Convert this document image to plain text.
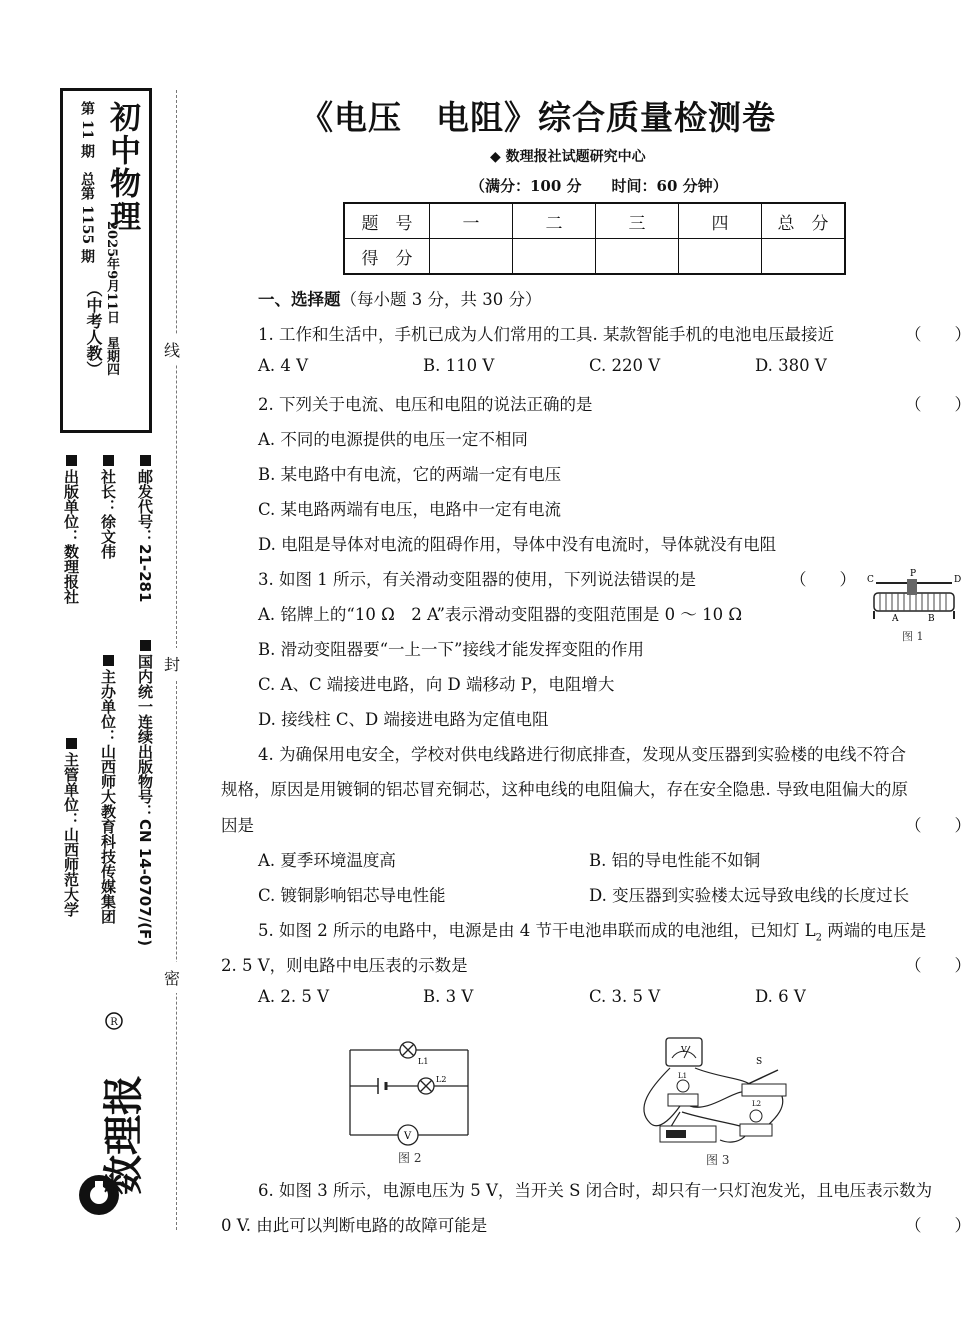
初中物理
（中考人教）
第 11 期　总第 1155 期
2025年9月11日　星期四
出版单位：数理报社 社长：徐文伟 邮发代号：21-281
主管单位：山西师范大学 主办单位：山西师大教育科技传媒集团 国内统一连续出版物号：CN 14-0707/(F)
数理报
R
线
封
密
《电压　电阻》综合质量检测卷
◆ 数理报社试题研究中心
（满分：100 分　　时间：60 分钟）
题　号	一	二	三	四	总　分
得　分					
一、选择题（每小题 3 分，共 30 分）
1. 工作和生活中，手机已成为人们常用的工具. 某款智能手机的电池电压最接近	（　　）
A. 4 V	B. 110 V	C. 220 V	D. 380 V
2. 下列关于电流、电压和电阻的说法正确的是	（　　）
A. 不同的电源提供的电压一定不相同
B. 某电路中有电流，它的两端一定有电压
C. 某电路两端有电压，电路中一定有电流
D. 电阻是导体对电流的阻碍作用，导体中没有电流时，导体就没有电阻
3. 如图 1 所示，有关滑动变阻器的使用，下列说法错误的是	（　　）
A. 铭牌上的“10 Ω　2 A”表示滑动变阻器的变阻范围是 0 ～ 10 Ω
B. 滑动变阻器要“一上一下”接线才能发挥变阻的作用
C. A、C 端接进电路，向 D 端移动 P，电阻增大
D. 接线柱 C、D 端接进电路为定值电阻
C
P
D
A	B
图 1
4. 为确保用电安全，学校对供电线路进行彻底排查，发现从变压器到实验楼的电线不符合
规格，原因是用镀铜的铝芯冒充铜芯，这种电线的电阻偏大，存在安全隐患. 导致电阻偏大的原
因是	（　　）
A. 夏季环境温度高	B. 铝的导电性能不如铜
C. 镀铜影响铝芯导电性能	D. 变压器到实验楼太远导致电线的长度过长
5. 如图 2 所示的电路中，电源是由 4 节干电池串联而成的电池组，已知灯 $L_2$ 两端的电压是
2. 5 V，则电路中电压表的示数是	（　　）
A. 2. 5 V	B. 3 V	C. 3. 5 V	D. 6 V
L1
L2
V
图 2
V
S
L1
L2
图 3
6. 如图 3 所示，电源电压为 5 V，当开关 S 闭合时，却只有一只灯泡发光，且电压表示数为
0 V. 由此可以判断电路的故障可能是	（　　）
